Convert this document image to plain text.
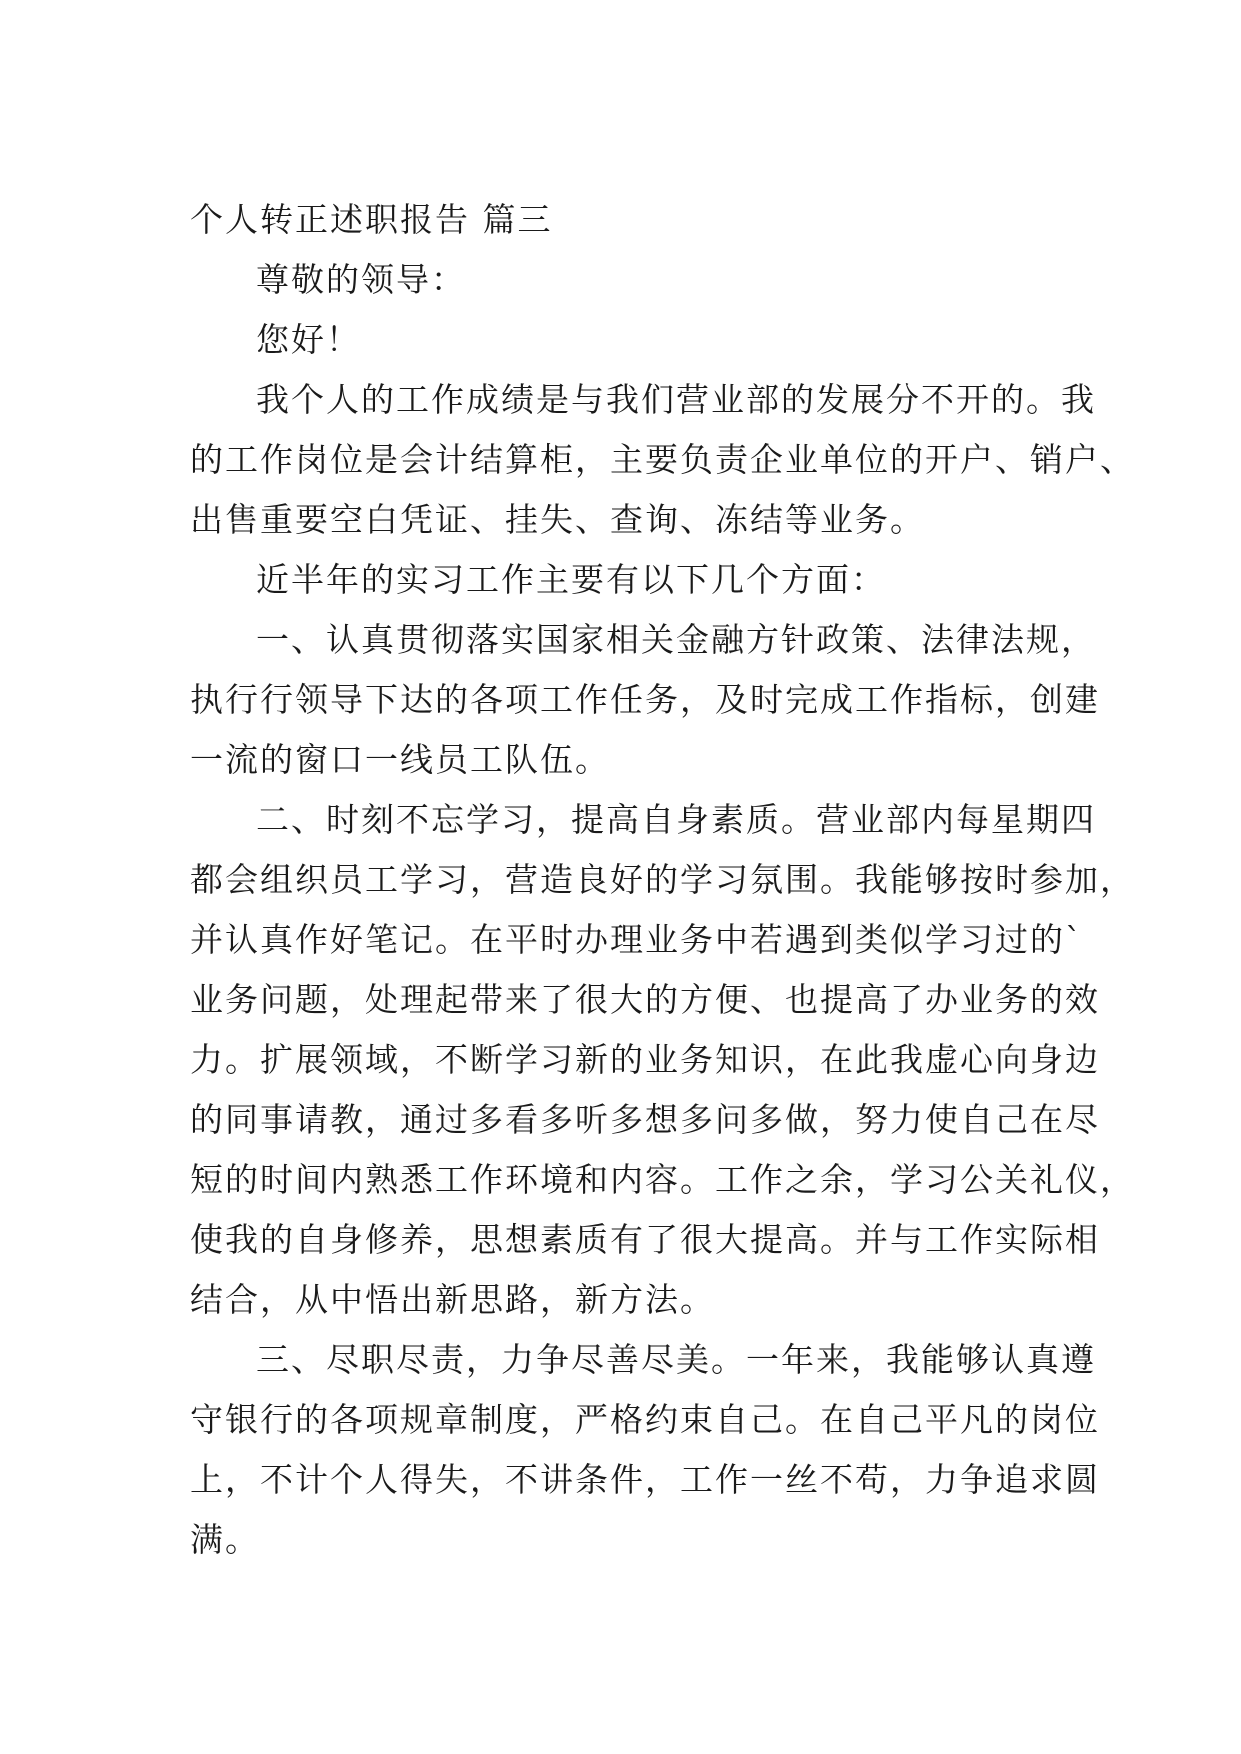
个人转正述职报告 篇三
尊敬的领导：
您好！
我个人的工作成绩是与我们营业部的发展分不开的。我
的工作岗位是会计结算柜，主要负责企业单位的开户、销户、
出售重要空白凭证、挂失、查询、冻结等业务。
近半年的实习工作主要有以下几个方面：
一、认真贯彻落实国家相关金融方针政策、法律法规，
执行行领导下达的各项工作任务，及时完成工作指标，创建
一流的窗口一线员工队伍。
二、时刻不忘学习，提高自身素质。营业部内每星期四
都会组织员工学习，营造良好的学习氛围。我能够按时参加，
并认真作好笔记。在平时办理业务中若遇到类似学习过的`
业务问题，处理起带来了很大的方便、也提高了办业务的效
力。扩展领域，不断学习新的业务知识，在此我虚心向身边
的同事请教，通过多看多听多想多问多做，努力使自己在尽
短的时间内熟悉工作环境和内容。工作之余，学习公关礼仪，
使我的自身修养，思想素质有了很大提高。并与工作实际相
结合，从中悟出新思路，新方法。
三、尽职尽责，力争尽善尽美。一年来，我能够认真遵
守银行的各项规章制度，严格约束自己。在自己平凡的岗位
上，不计个人得失，不讲条件，工作一丝不苟，力争追求圆
满。
